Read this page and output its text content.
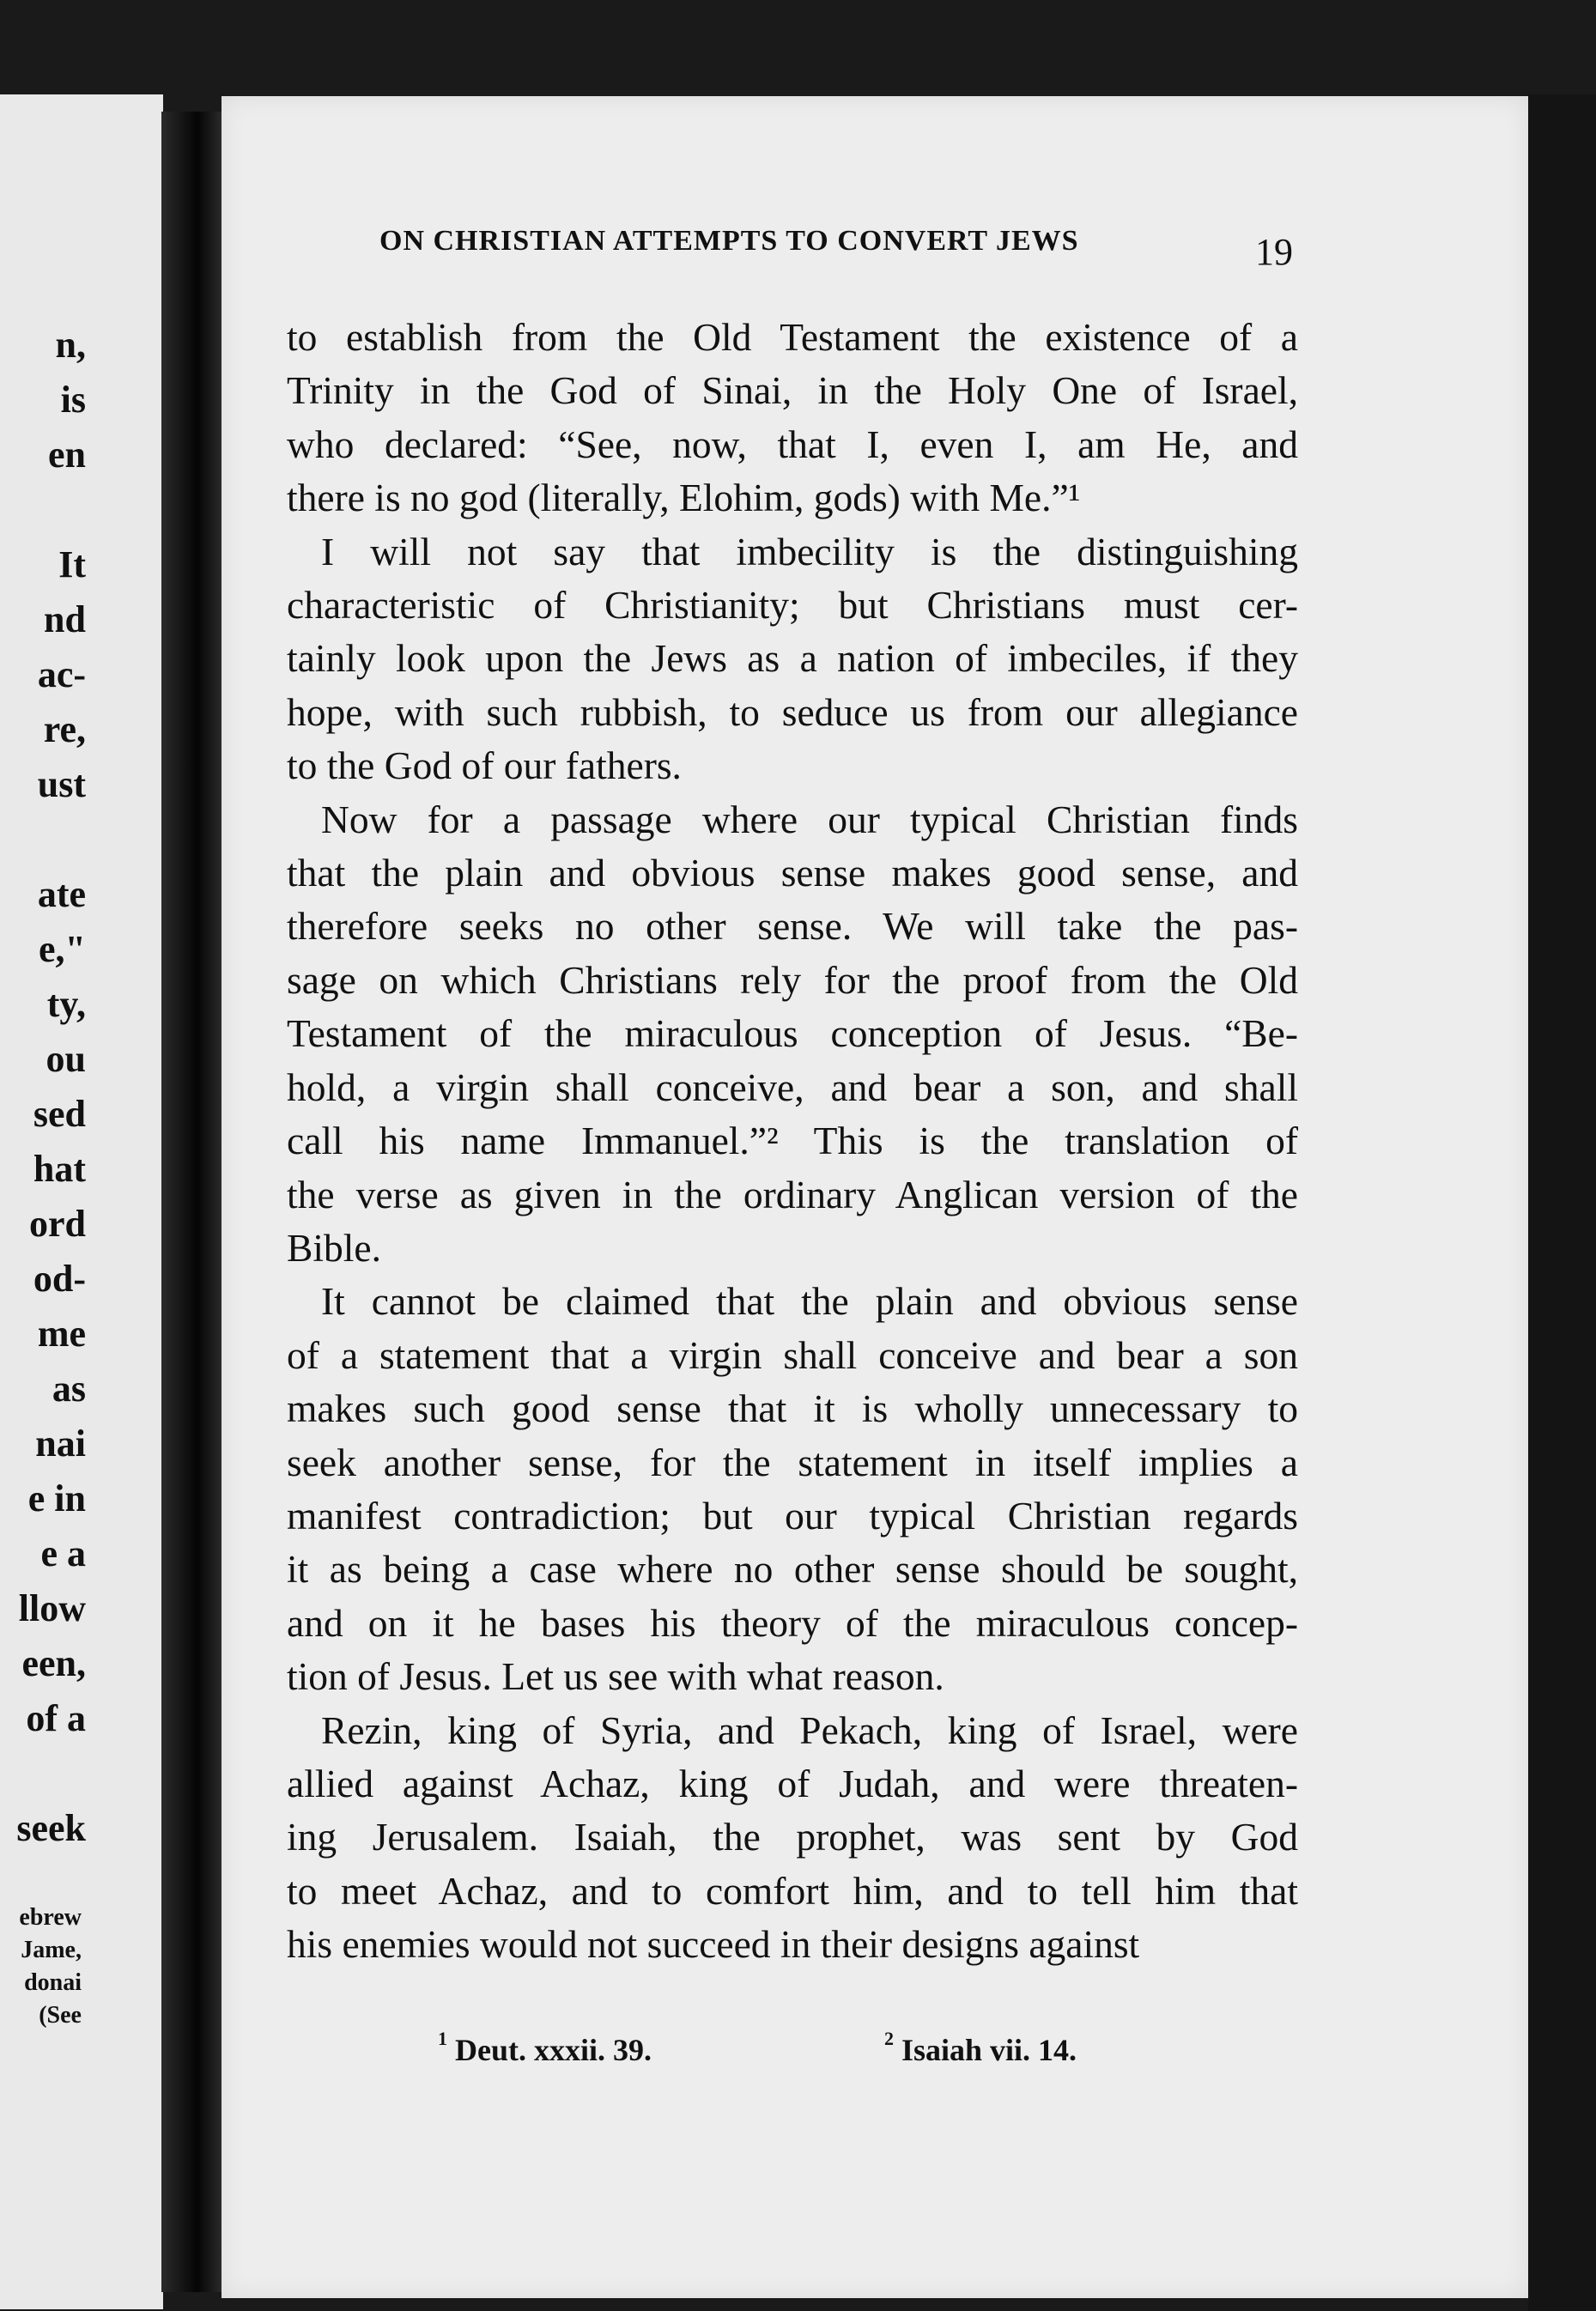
n,
is
en
It
nd
ac-
re,
ust
ate
e,"
ty,
ou
sed
hat
ord
od-
me
as
nai
e in
e a
llow
een,
of a
seek
ebrew
Jame,
donai
(See
ON CHRISTIAN ATTEMPTS TO CONVERT JEWS	19
to establish from the Old Testament the existence of a
Trinity in the God of Sinai, in the Holy One of Israel,
who declared: “See, now, that I, even I, am He, and
there is no god (literally, Elohim, gods) with Me.”¹
I will not say that imbecility is the distinguishing
characteristic of Christianity; but Christians must cer-
tainly look upon the Jews as a nation of imbeciles, if they
hope, with such rubbish, to seduce us from our allegiance
to the God of our fathers.
Now for a passage where our typical Christian finds
that the plain and obvious sense makes good sense, and
therefore seeks no other sense. We will take the pas-
sage on which Christians rely for the proof from the Old
Testament of the miraculous conception of Jesus. “Be-
hold, a virgin shall conceive, and bear a son, and shall
call his name Immanuel.”² This is the translation of
the verse as given in the ordinary Anglican version of the
Bible.
It cannot be claimed that the plain and obvious sense
of a statement that a virgin shall conceive and bear a son
makes such good sense that it is wholly unnecessary to
seek another sense, for the statement in itself implies a
manifest contradiction; but our typical Christian regards
it as being a case where no other sense should be sought,
and on it he bases his theory of the miraculous concep-
tion of Jesus. Let us see with what reason.
Rezin, king of Syria, and Pekach, king of Israel, were
allied against Achaz, king of Judah, and were threaten-
ing Jerusalem. Isaiah, the prophet, was sent by God
to meet Achaz, and to comfort him, and to tell him that
his enemies would not succeed in their designs against
$^1$ Deut. xxxii. 39.	$^2$ Isaiah vii. 14.
